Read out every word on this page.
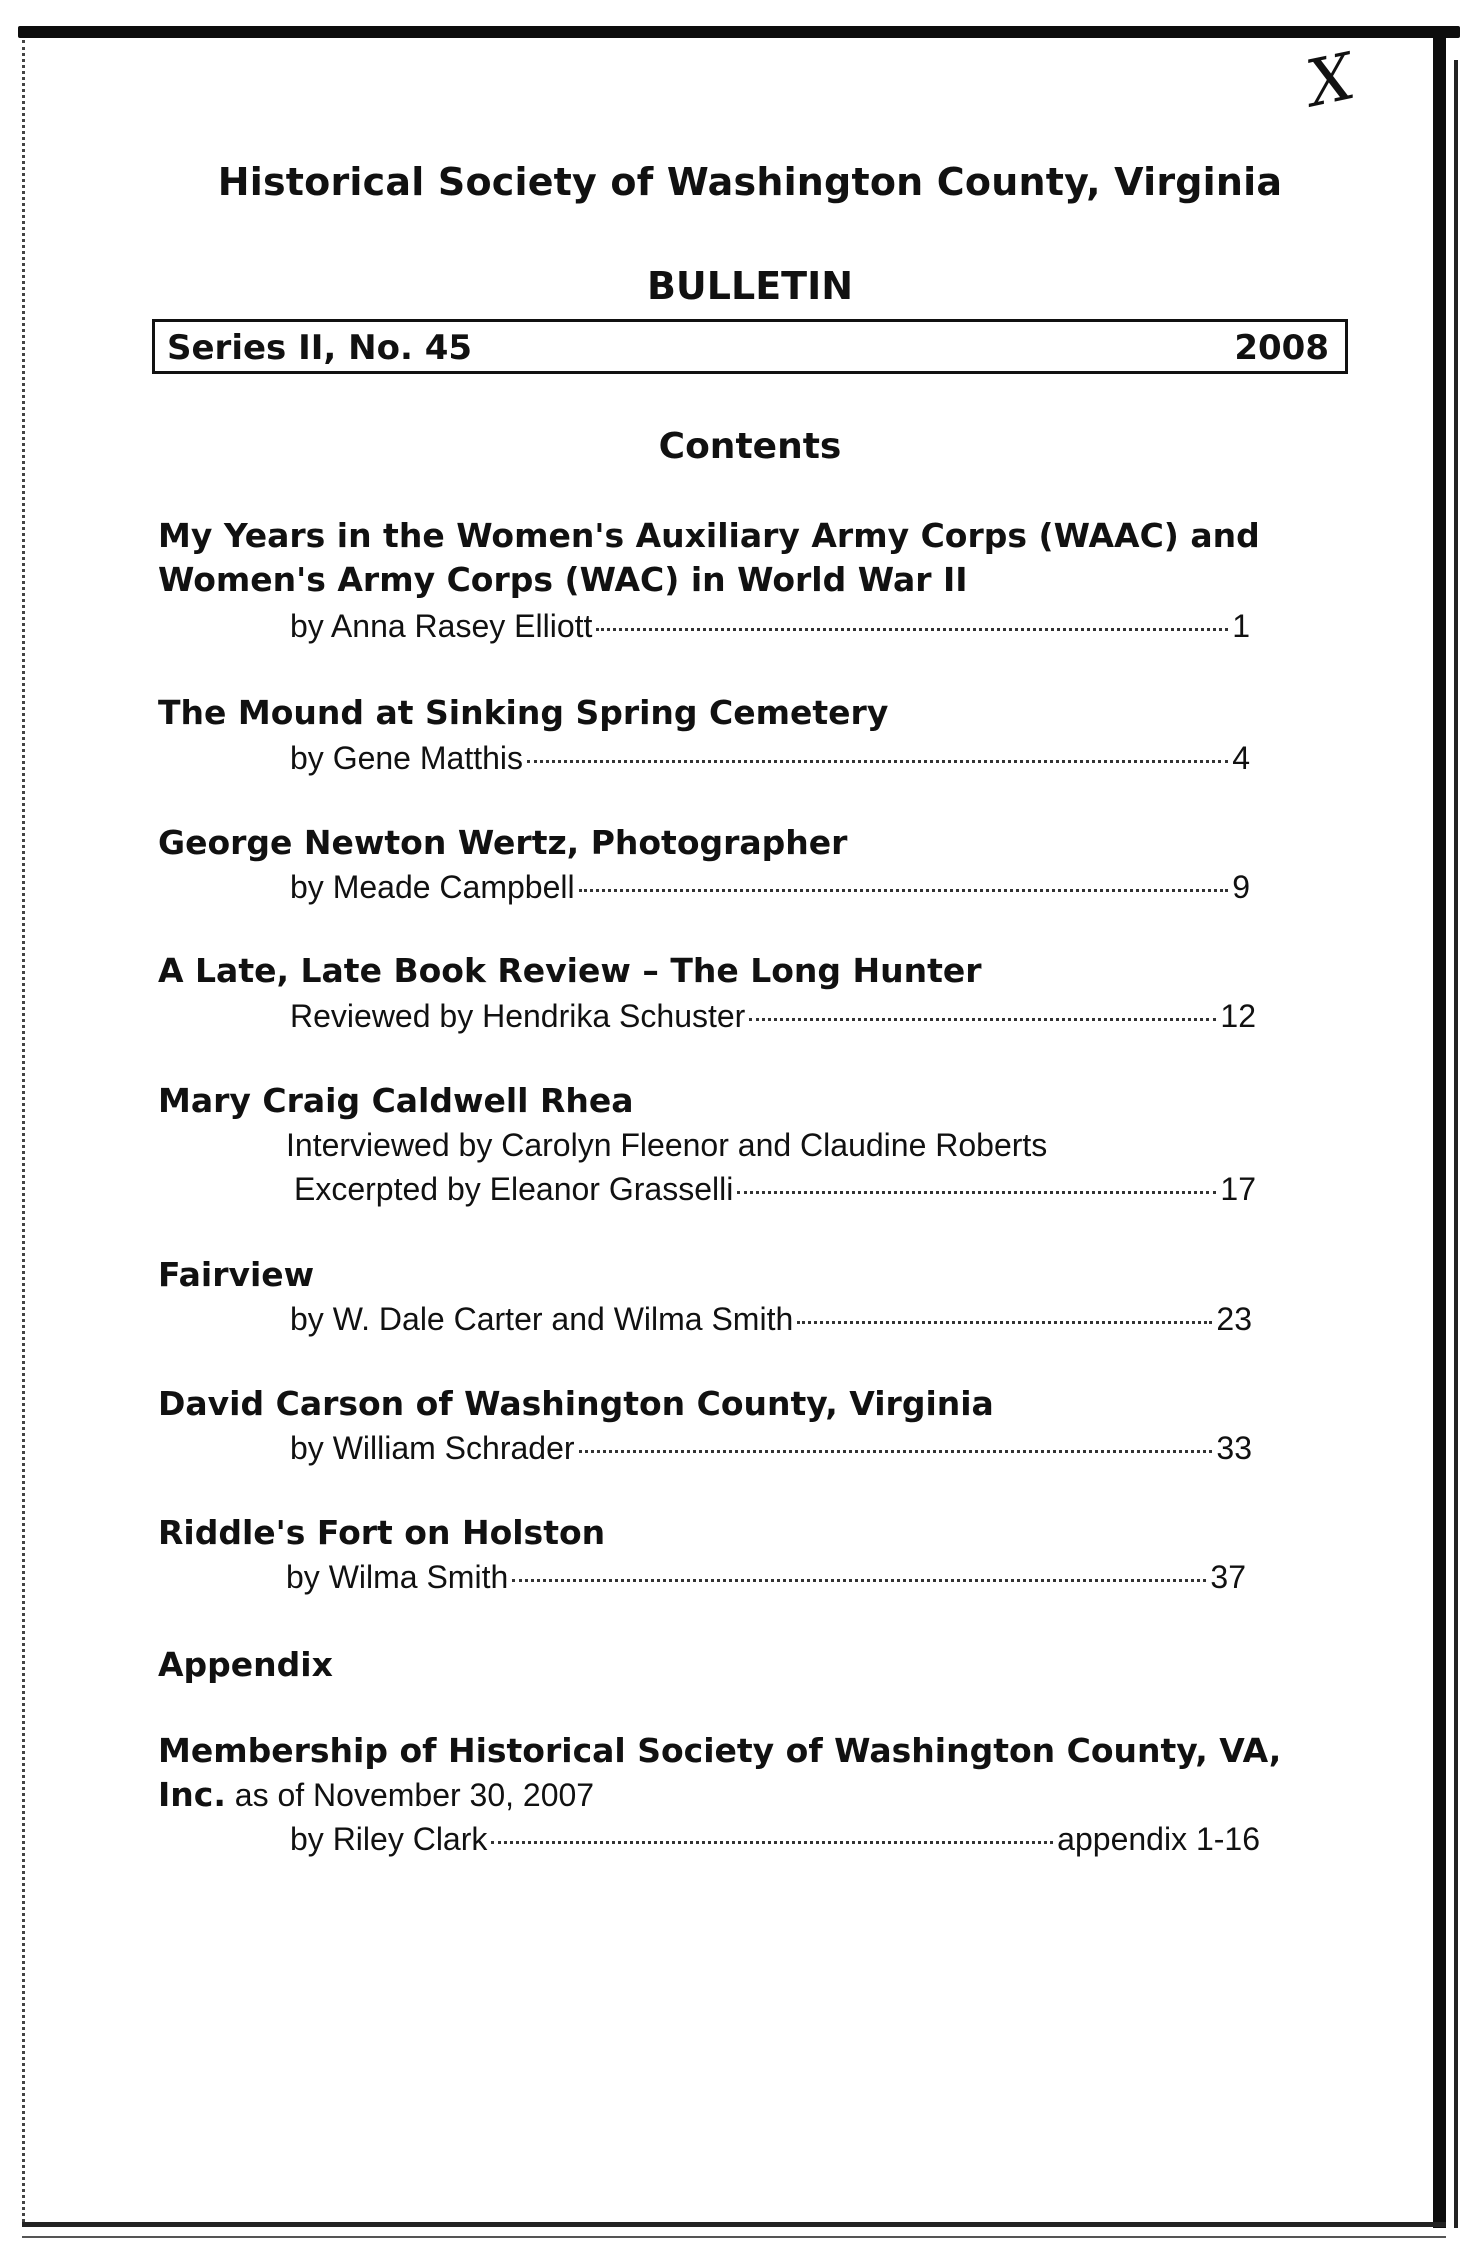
X
Historical Society of Washington County, Virginia
BULLETIN
Series II, No. 45	2008
Contents
My Years in the Women's Auxiliary Army Corps (WAAC) and
Women's Army Corps (WAC) in World War II
by Anna Rasey Elliott	1
The Mound at Sinking Spring Cemetery
by Gene Matthis	4
George Newton Wertz, Photographer
by Meade Campbell	9
A Late, Late Book Review – The Long Hunter
Reviewed by Hendrika Schuster	12
Mary Craig Caldwell Rhea
Interviewed by Carolyn Fleenor and Claudine Roberts
Excerpted by Eleanor Grasselli	17
Fairview
by W. Dale Carter and Wilma Smith	23
David Carson of Washington County, Virginia
by William Schrader	33
Riddle's Fort on Holston
by Wilma Smith	37
Appendix
Membership of Historical Society of Washington County, VA,
Inc. as of November 30, 2007
by Riley Clark	appendix 1-16
